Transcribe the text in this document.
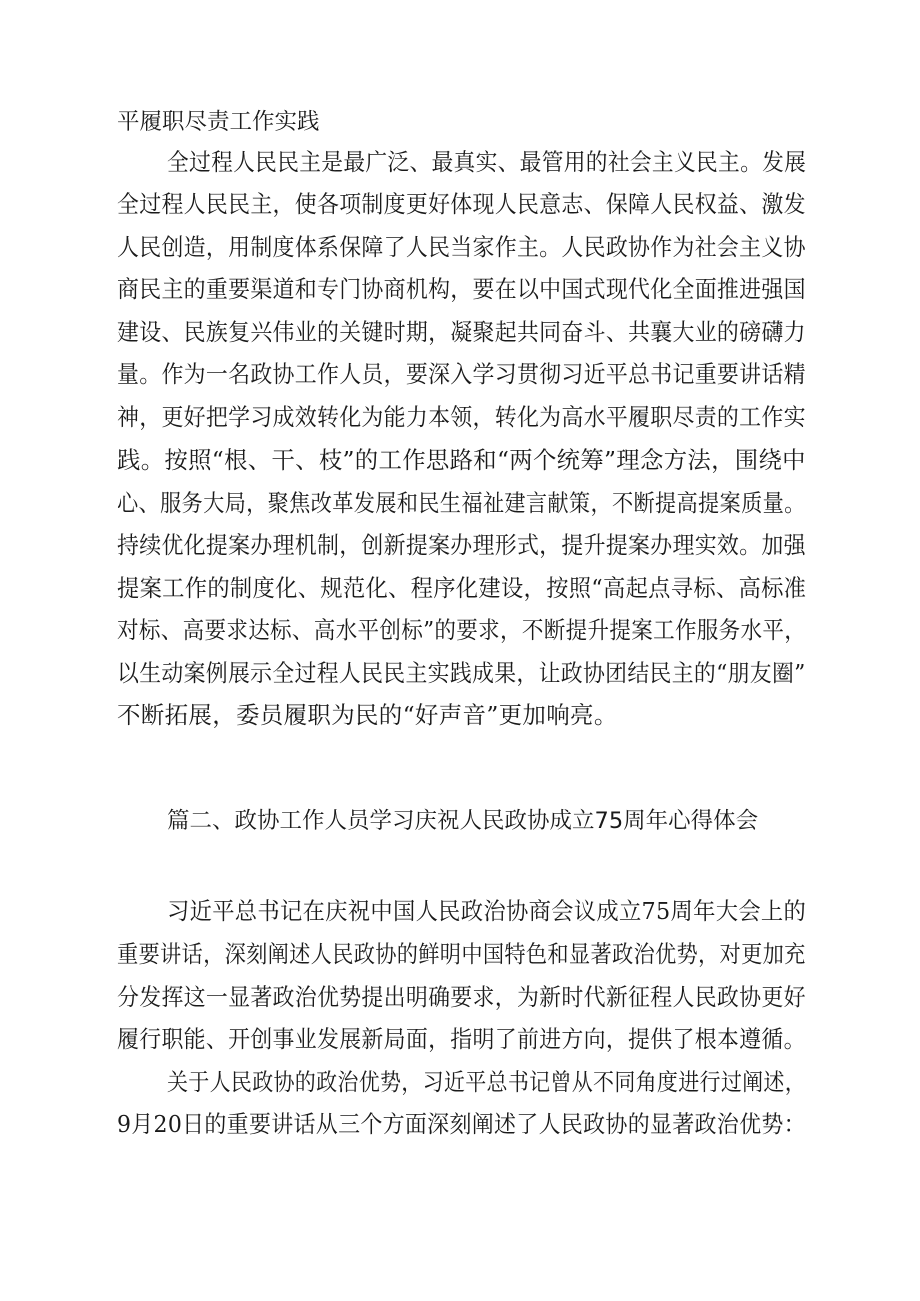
平履职尽责工作实践
全过程人民民主是最广泛、最真实、最管用的社会主义民主。发展
全过程人民民主，使各项制度更好体现人民意志、保障人民权益、激发
人民创造，用制度体系保障了人民当家作主。人民政协作为社会主义协
商民主的重要渠道和专门协商机构，要在以中国式现代化全面推进强国
建设、民族复兴伟业的关键时期，凝聚起共同奋斗、共襄大业的磅礴力
量。作为一名政协工作人员，要深入学习贯彻习近平总书记重要讲话精
神，更好把学习成效转化为能力本领，转化为高水平履职尽责的工作实
践。按照“根、干、枝”的工作思路和“两个统筹”理念方法，围绕中
心、服务大局，聚焦改革发展和民生福祉建言献策，不断提高提案质量。
持续优化提案办理机制，创新提案办理形式，提升提案办理实效。加强
提案工作的制度化、规范化、程序化建设，按照“高起点寻标、高标准
对标、高要求达标、高水平创标”的要求，不断提升提案工作服务水平，
以生动案例展示全过程人民民主实践成果，让政协团结民主的“朋友圈”
不断拓展，委员履职为民的“好声音”更加响亮。
篇二、政协工作人员学习庆祝人民政协成立75周年心得体会
习近平总书记在庆祝中国人民政治协商会议成立75周年大会上的
重要讲话，深刻阐述人民政协的鲜明中国特色和显著政治优势，对更加充
分发挥这一显著政治优势提出明确要求，为新时代新征程人民政协更好
履行职能、开创事业发展新局面，指明了前进方向，提供了根本遵循。
关于人民政协的政治优势，习近平总书记曾从不同角度进行过阐述，
9月20日的重要讲话从三个方面深刻阐述了人民政协的显著政治优势：
